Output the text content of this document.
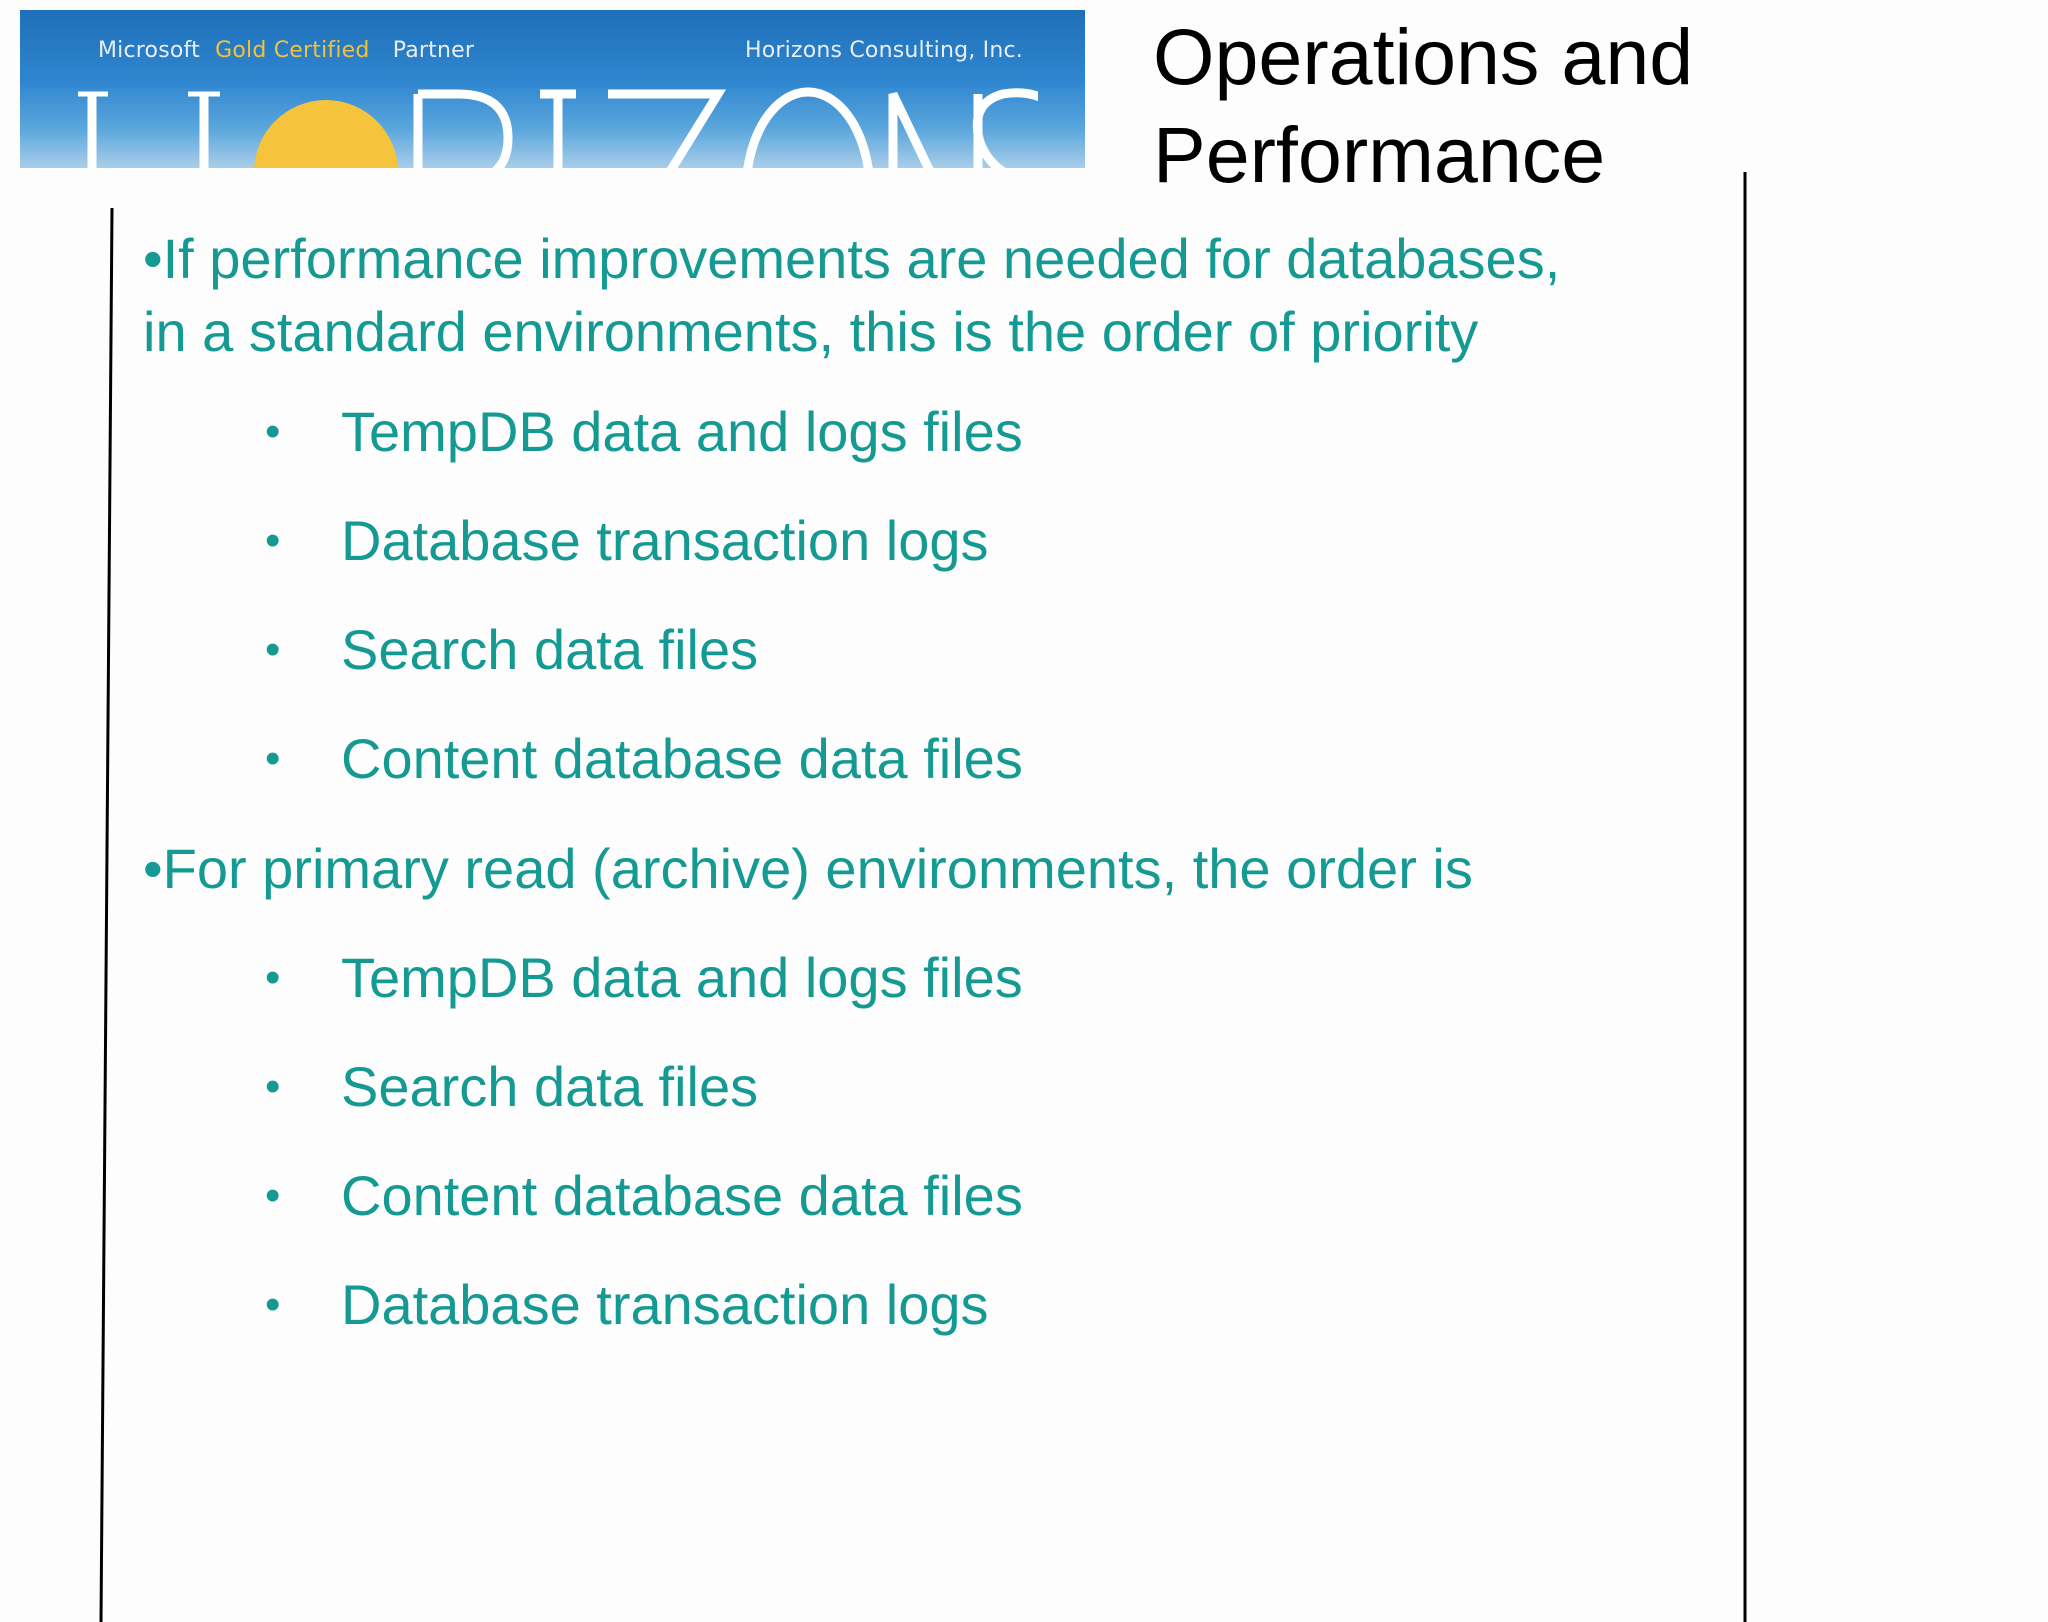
Microsoft Gold Certified Partner	Horizons Consulting, Inc. Operations and
Performance
•If performance improvements are needed for databases,
in a standard environments, this is the order of priority
• TempDB data and logs files
• Database transaction logs
• Search data files
• Content database data files
•For primary read (archive) environments, the order is
• TempDB data and logs files
• Search data files
• Content database data files
• Database transaction logs
